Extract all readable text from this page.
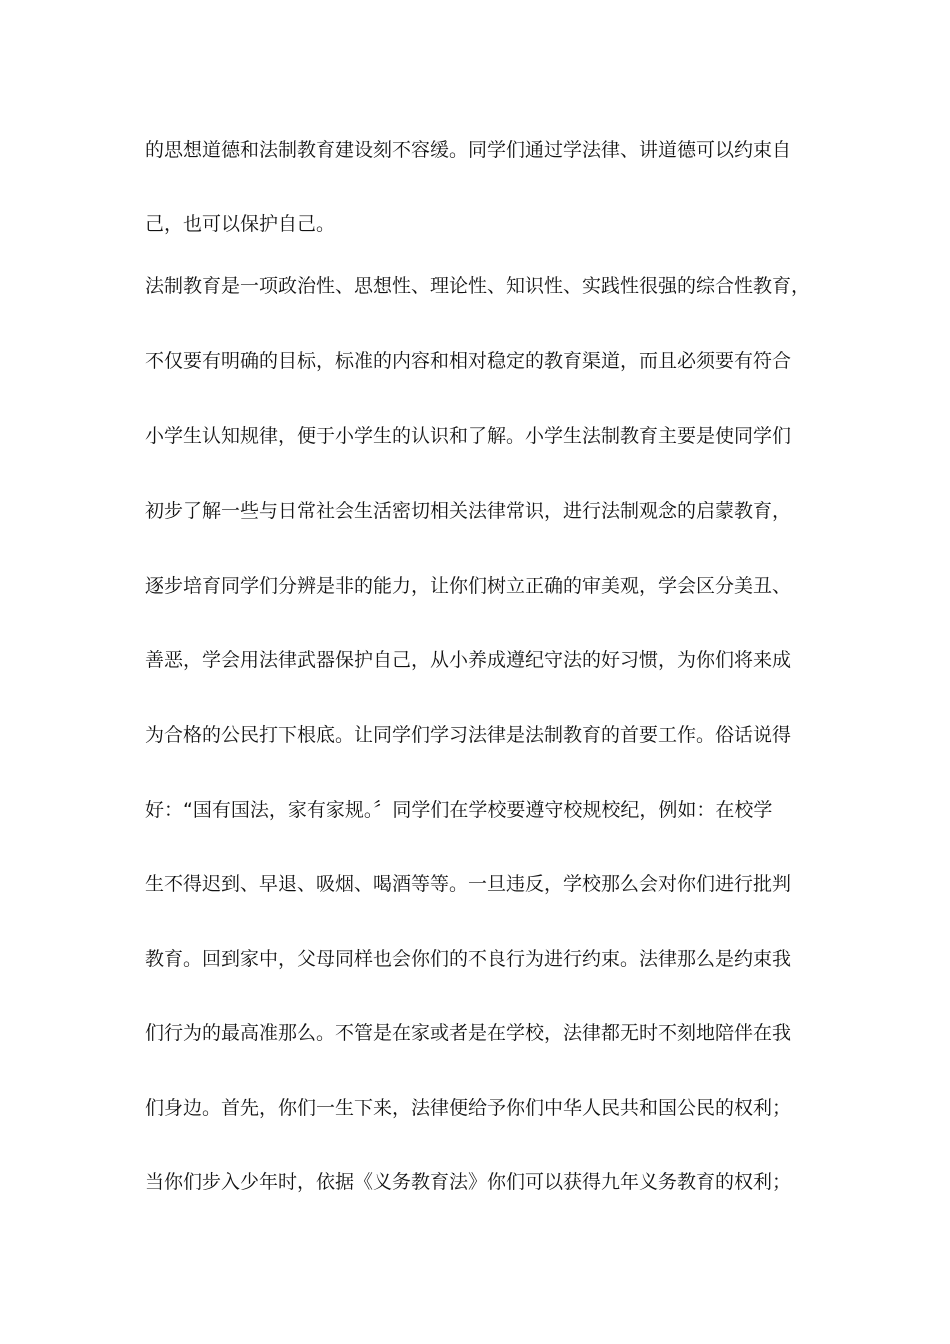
的思想道德和法制教育建设刻不容缓。同学们通过学法律、讲道德可以约束自
己，也可以保护自己。
法制教育是一项政治性、思想性、理论性、知识性、实践性很强的综合性教育，
不仅要有明确的目标，标准的内容和相对稳定的教育渠道，而且必须要有符合
小学生认知规律，便于小学生的认识和了解。小学生法制教育主要是使同学们
初步了解一些与日常社会生活密切相关法律常识，进行法制观念的启蒙教育，
逐步培育同学们分辨是非的能力，让你们树立正确的审美观，学会区分美丑、
善恶，学会用法律武器保护自己，从小养成遵纪守法的好习惯，为你们将来成
为合格的公民打下根底。让同学们学习法律是法制教育的首要工作。俗话说得
好：“国有国法，家有家规。〞同学们在学校要遵守校规校纪，例如：在校学
生不得迟到、早退、吸烟、喝酒等等。一旦违反，学校那么会对你们进行批判
教育。回到家中，父母同样也会你们的不良行为进行约束。法律那么是约束我
们行为的最高准那么。不管是在家或者是在学校，法律都无时不刻地陪伴在我
们身边。首先，你们一生下来，法律便给予你们中华人民共和国公民的权利；
当你们步入少年时，依据《义务教育法》你们可以获得九年义务教育的权利；
